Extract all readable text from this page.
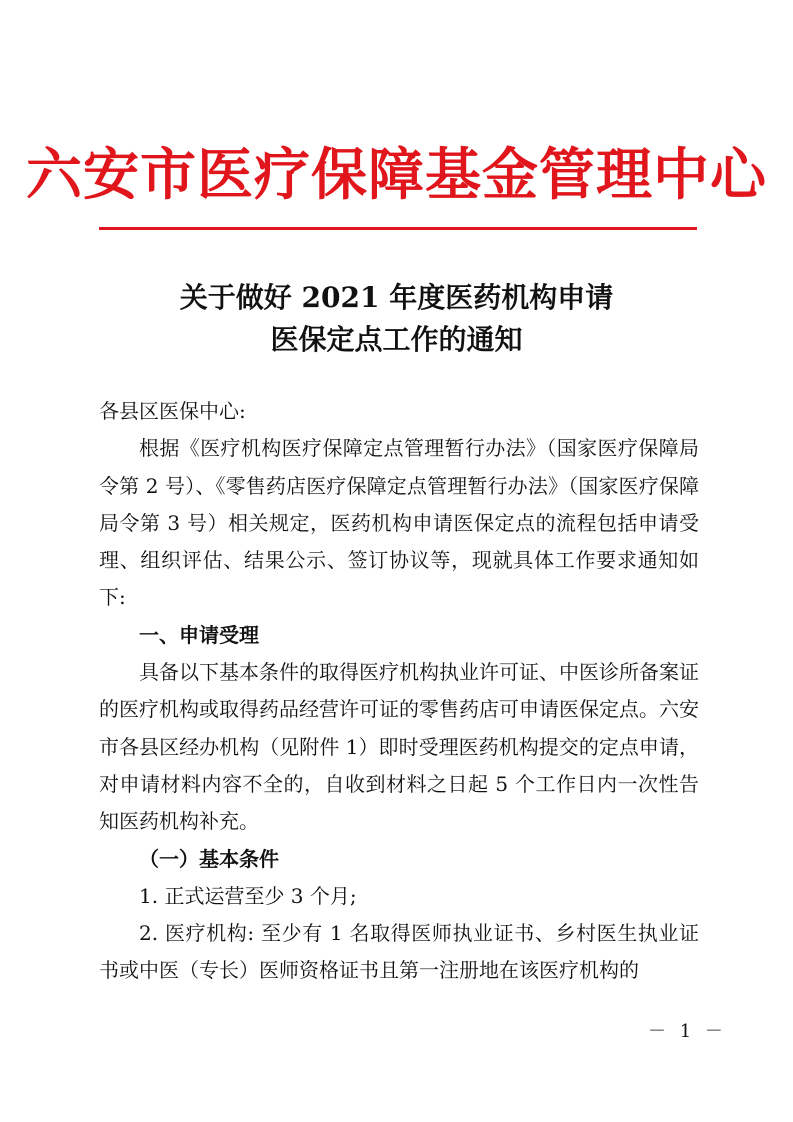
六安市医疗保障基金管理中心
关于做好 2021 年度医药机构申请
医保定点工作的通知

各县区医保中心:

根据《医疗机构医疗保障定点管理暂行办法》（国家医疗保障局令第 2 号）、《零售药店医疗保障定点管理暂行办法》（国家医疗保障局令第 3 号）相关规定，医药机构申请医保定点的流程包括申请受理、组织评估、结果公示、签订协议等，现就具体工作要求通知如下:

一、申请受理

具备以下基本条件的取得医疗机构执业许可证、中医诊所备案证的医疗机构或取得药品经营许可证的零售药店可申请医保定点。六安市各县区经办机构（见附件 1）即时受理医药机构提交的定点申请，对申请材料内容不全的，自收到材料之日起 5 个工作日内一次性告知医药机构补充。

（一）基本条件

1. 正式运营至少 3 个月;

2. 医疗机构: 至少有 1 名取得医师执业证书、乡村医生执业证书或中医（专长）医师资格证书且第一注册地在该医疗机构的

－ 1 －
